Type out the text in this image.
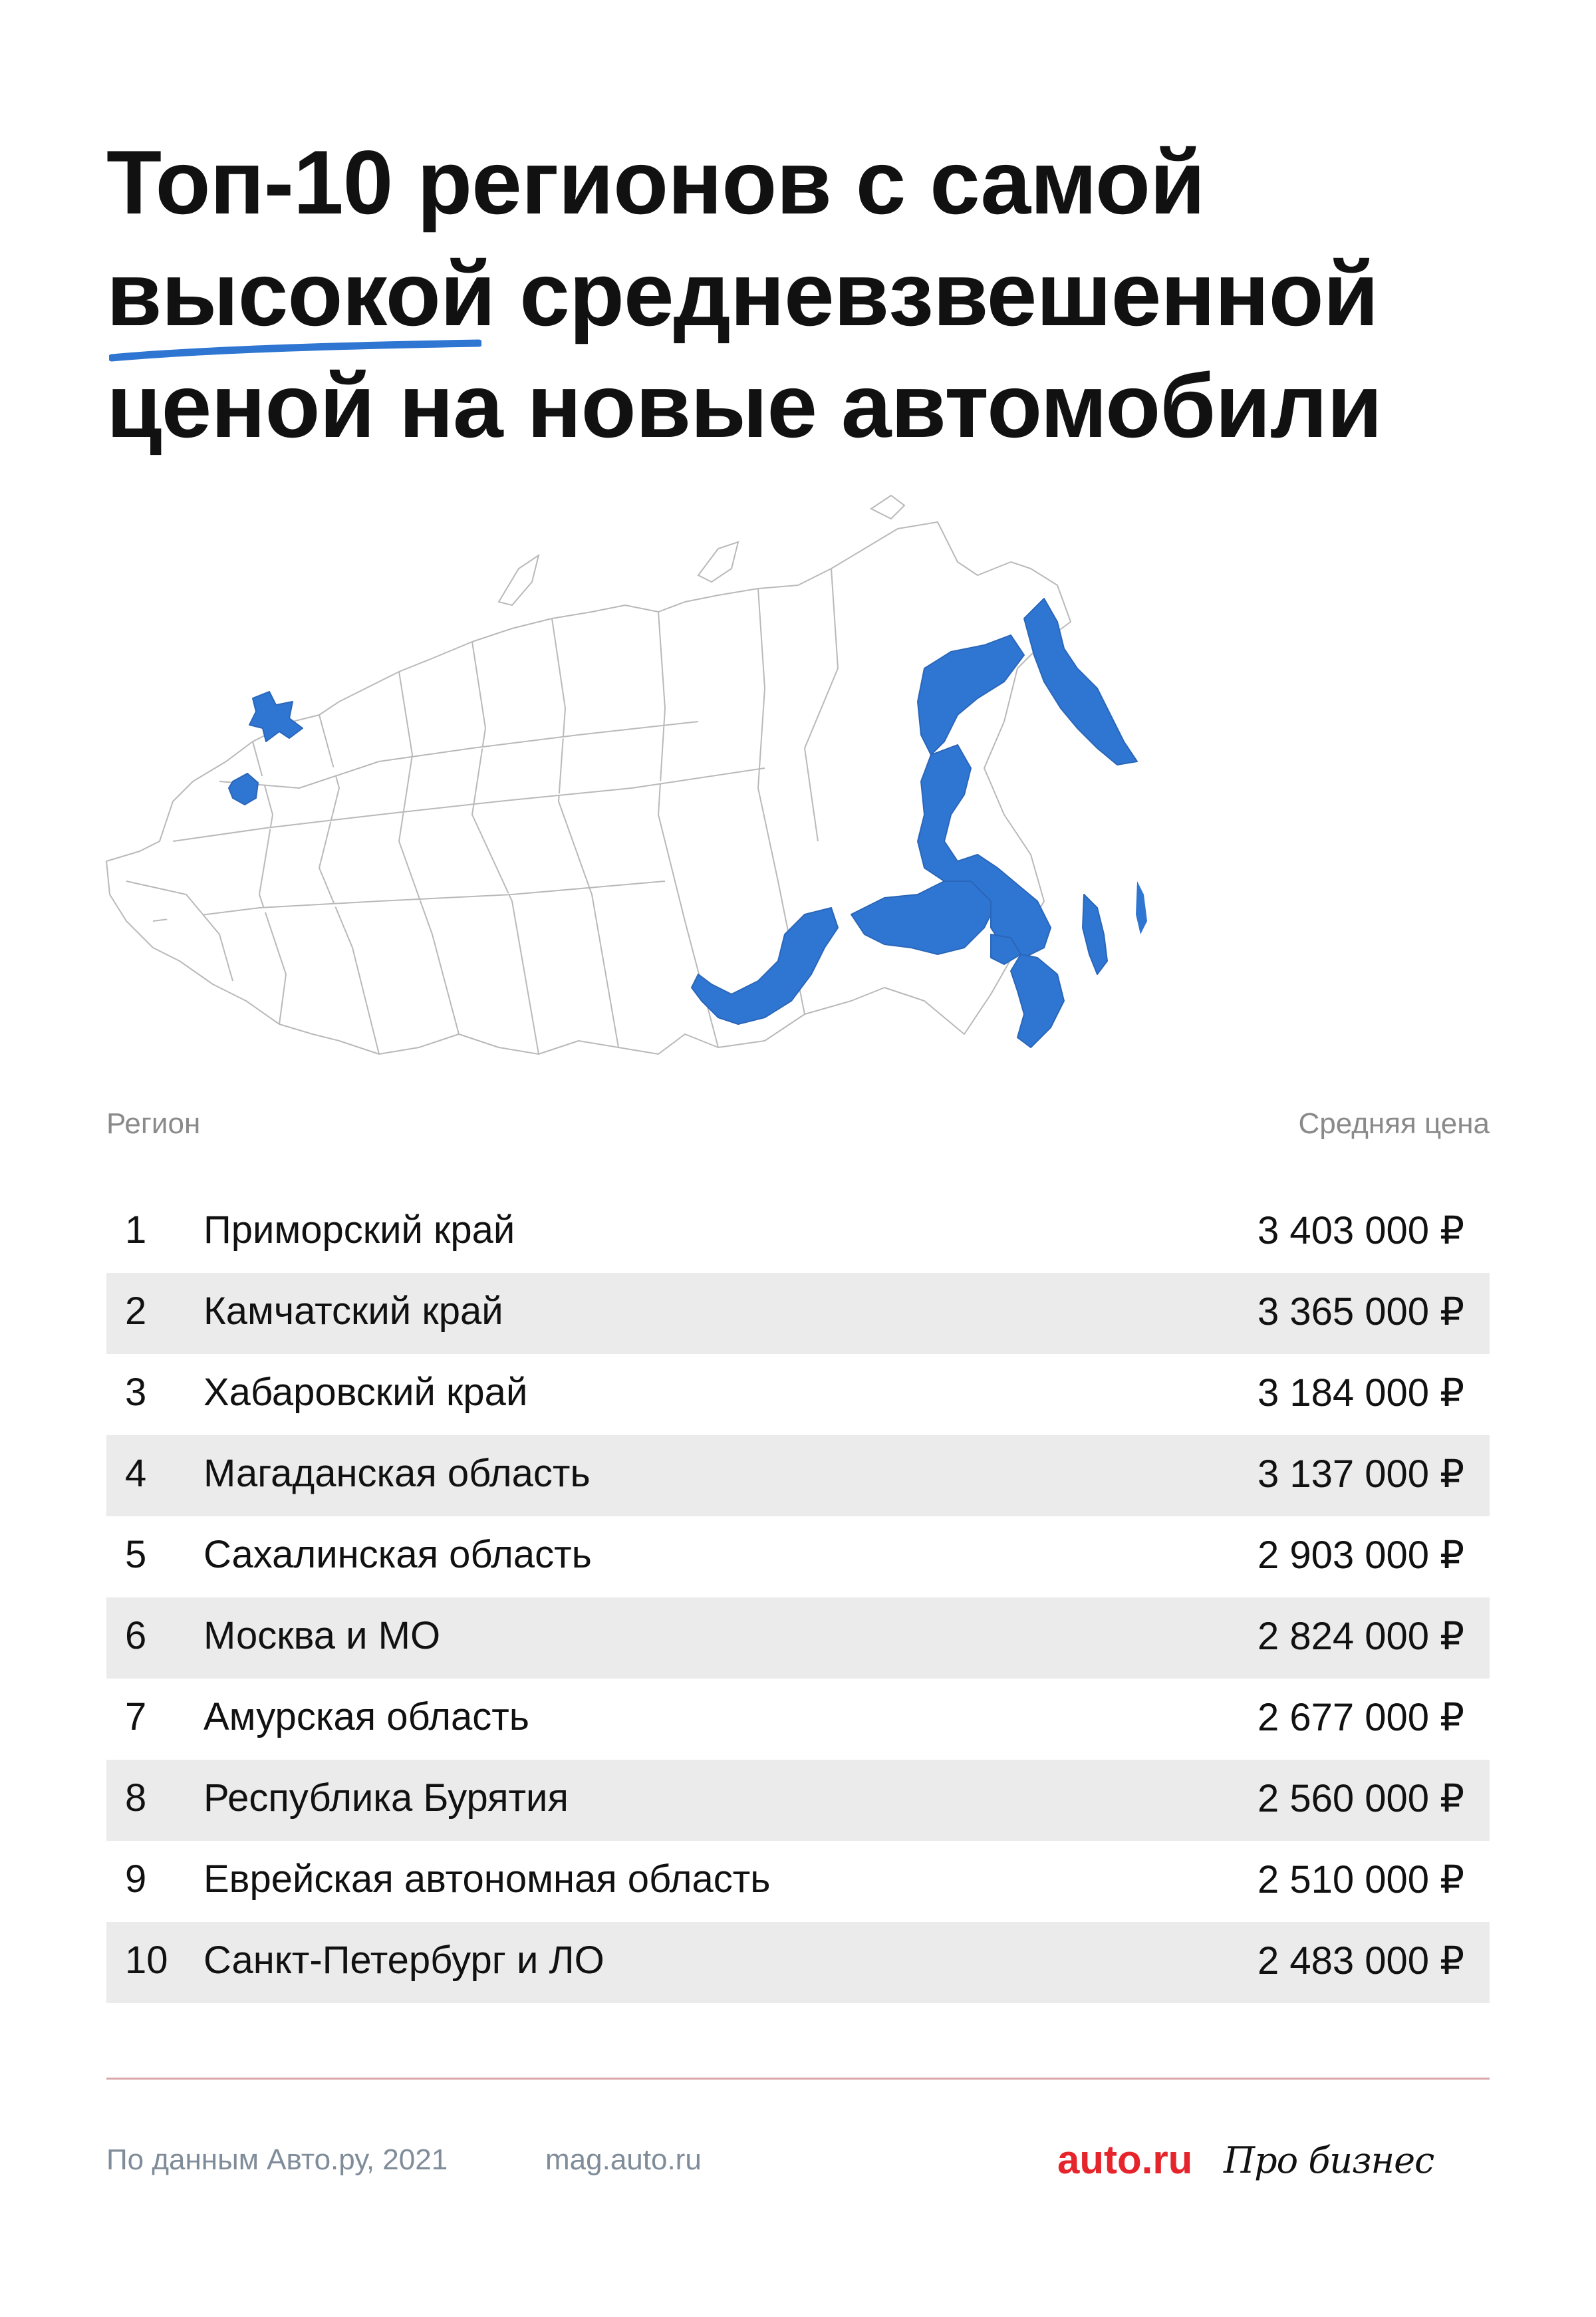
Топ-10 регионов с самой
высокой
средневзвешенной
ценой на новые автомобили
Регион	Средняя цена
1 Приморский край	3 403 000 ₽
2 Камчатский край	3 365 000 ₽
3 Хабаровский край	3 184 000 ₽
4 Магаданская область	3 137 000 ₽
5 Сахалинская область	2 903 000 ₽
6 Москва и МО	2 824 000 ₽
7 Амурская область	2 677 000 ₽
8 Республика Бурятия	2 560 000 ₽
9 Еврейская автономная область	2 510 000 ₽
10 Санкт-Петербург и ЛО	2 483 000 ₽
По данным Авто.ру, 2021	mag.auto.ru	auto.ru Про бизнес
